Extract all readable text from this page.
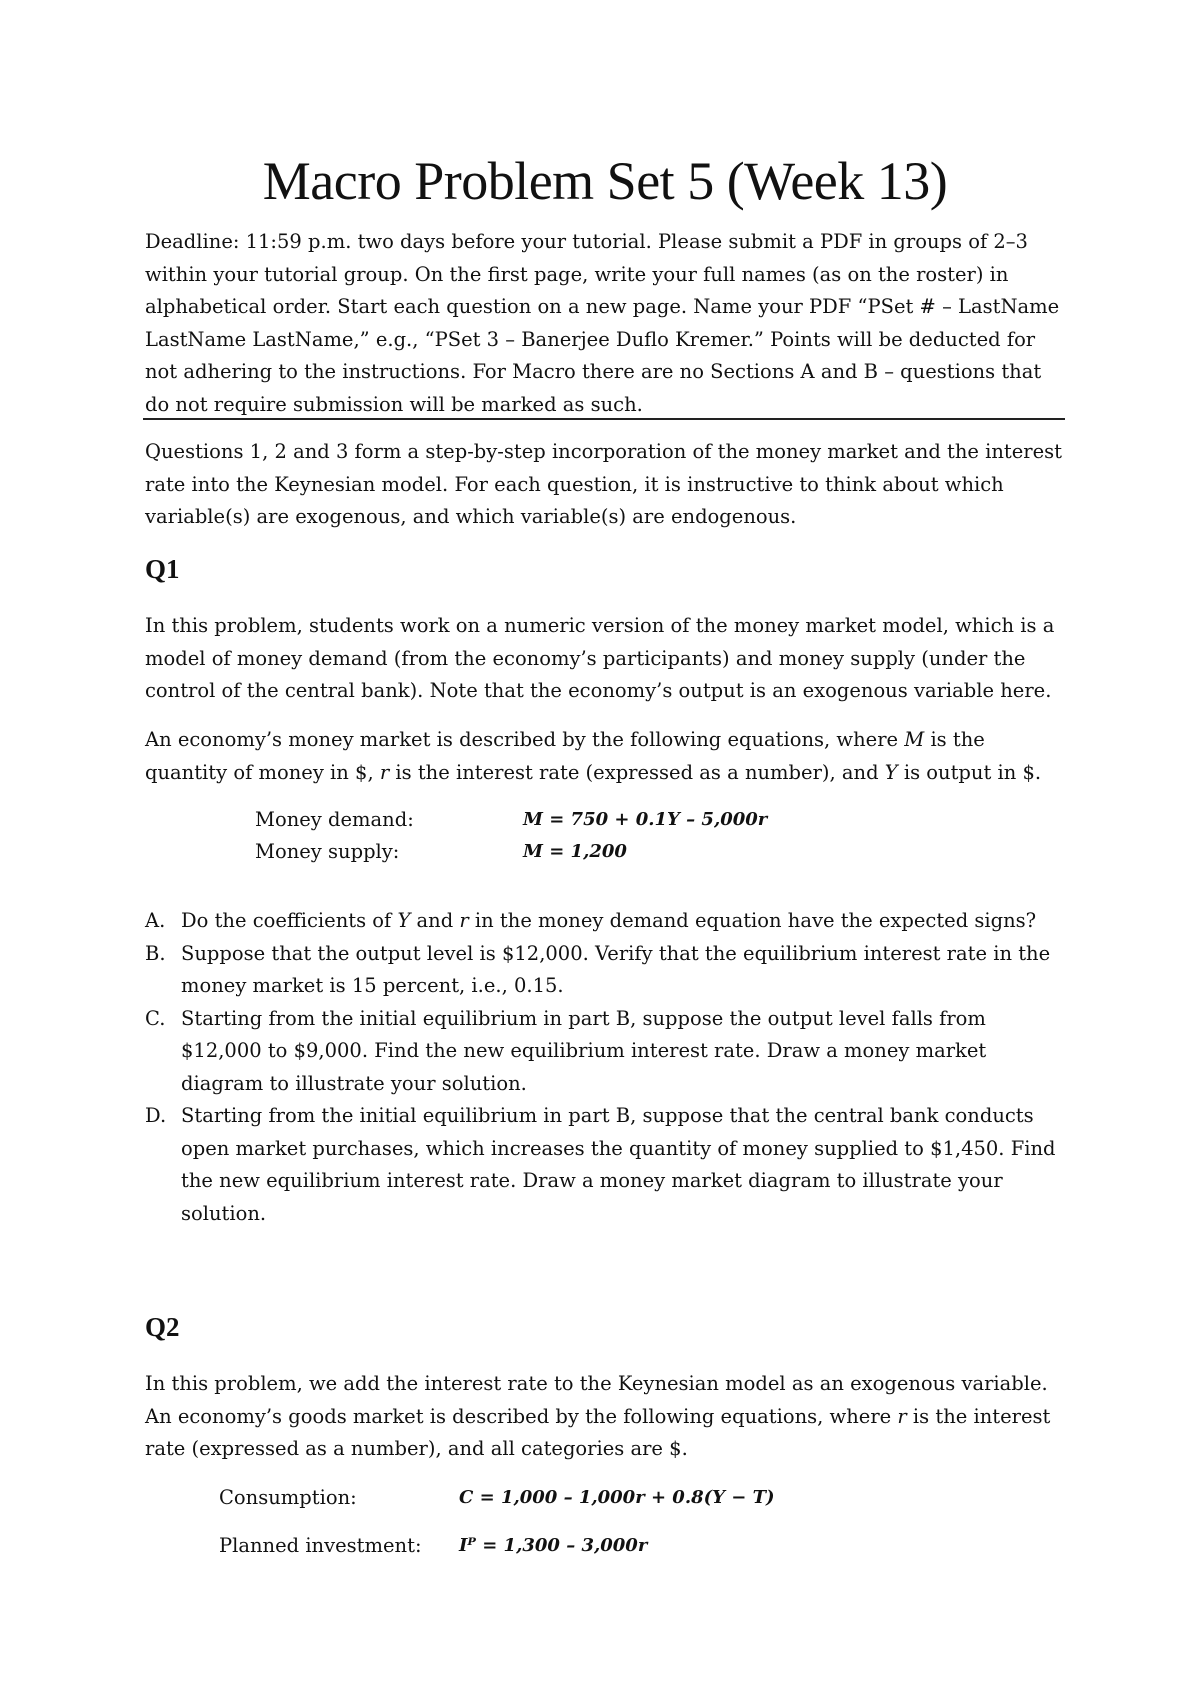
Macro Problem Set 5 (Week 13)

Deadline: 11:59 p.m. two days before your tutorial. Please submit a PDF in groups of 2–3 within your tutorial group. On the first page, write your full names (as on the roster) in alphabetical order. Start each question on a new page. Name your PDF “PSet # – LastName LastName LastName,” e.g., “PSet 3 – Banerjee Duflo Kremer.” Points will be deducted for not adhering to the instructions. For Macro there are no Sections A and B – questions that do not require submission will be marked as such.

Questions 1, 2 and 3 form a step-by-step incorporation of the money market and the interest rate into the Keynesian model. For each question, it is instructive to think about which variable(s) are exogenous, and which variable(s) are endogenous.

Q1

In this problem, students work on a numeric version of the money market model, which is a model of money demand (from the economy’s participants) and money supply (under the control of the central bank). Note that the economy’s output is an exogenous variable here.

An economy’s money market is described by the following equations, where M is the quantity of money in $, r is the interest rate (expressed as a number), and Y is output in $.

Money demand:	M = 750 + 0.1Y – 5,000r
Money supply:	M = 1,200
A. Do the coefficients of Y and r in the money demand equation have the expected signs?
B. Suppose that the output level is $12,000. Verify that the equilibrium interest rate in the money market is 15 percent, i.e., 0.15.
C. Starting from the initial equilibrium in part B, suppose the output level falls from $12,000 to $9,000. Find the new equilibrium interest rate. Draw a money market diagram to illustrate your solution.
D. Starting from the initial equilibrium in part B, suppose that the central bank conducts open market purchases, which increases the quantity of money supplied to $1,450. Find the new equilibrium interest rate. Draw a money market diagram to illustrate your solution.
Q2

In this problem, we add the interest rate to the Keynesian model as an exogenous variable. An economy’s goods market is described by the following equations, where r is the interest rate (expressed as a number), and all categories are $.

Consumption:	C = 1,000 – 1,000r + 0.8(Y − T)
Planned investment: Iᴾ = 1,300 – 3,000r
